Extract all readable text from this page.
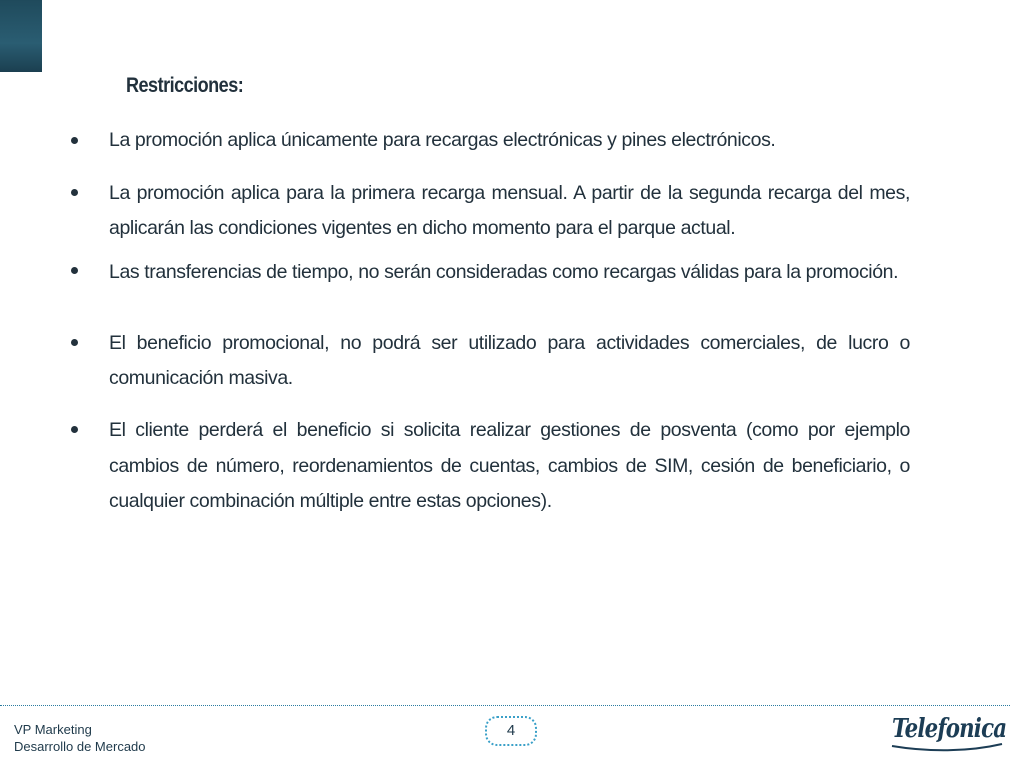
Restricciones:
La promoción aplica únicamente para recargas electrónicas y pines electrónicos.
La promoción aplica para la primera recarga mensual. A partir de la segunda recarga del mes, aplicarán las condiciones vigentes en dicho momento para el parque actual.
Las transferencias de tiempo, no serán consideradas como recargas válidas para la promoción.
El beneficio promocional, no podrá ser utilizado para actividades comerciales, de lucro o comunicación masiva.
El cliente perderá el beneficio si solicita realizar gestiones de posventa (como por ejemplo cambios de número, reordenamientos de cuentas, cambios de SIM, cesión de beneficiario, o cualquier combinación múltiple entre estas opciones).
VP Marketing
Desarrollo de Mercado
4	Telefonica
